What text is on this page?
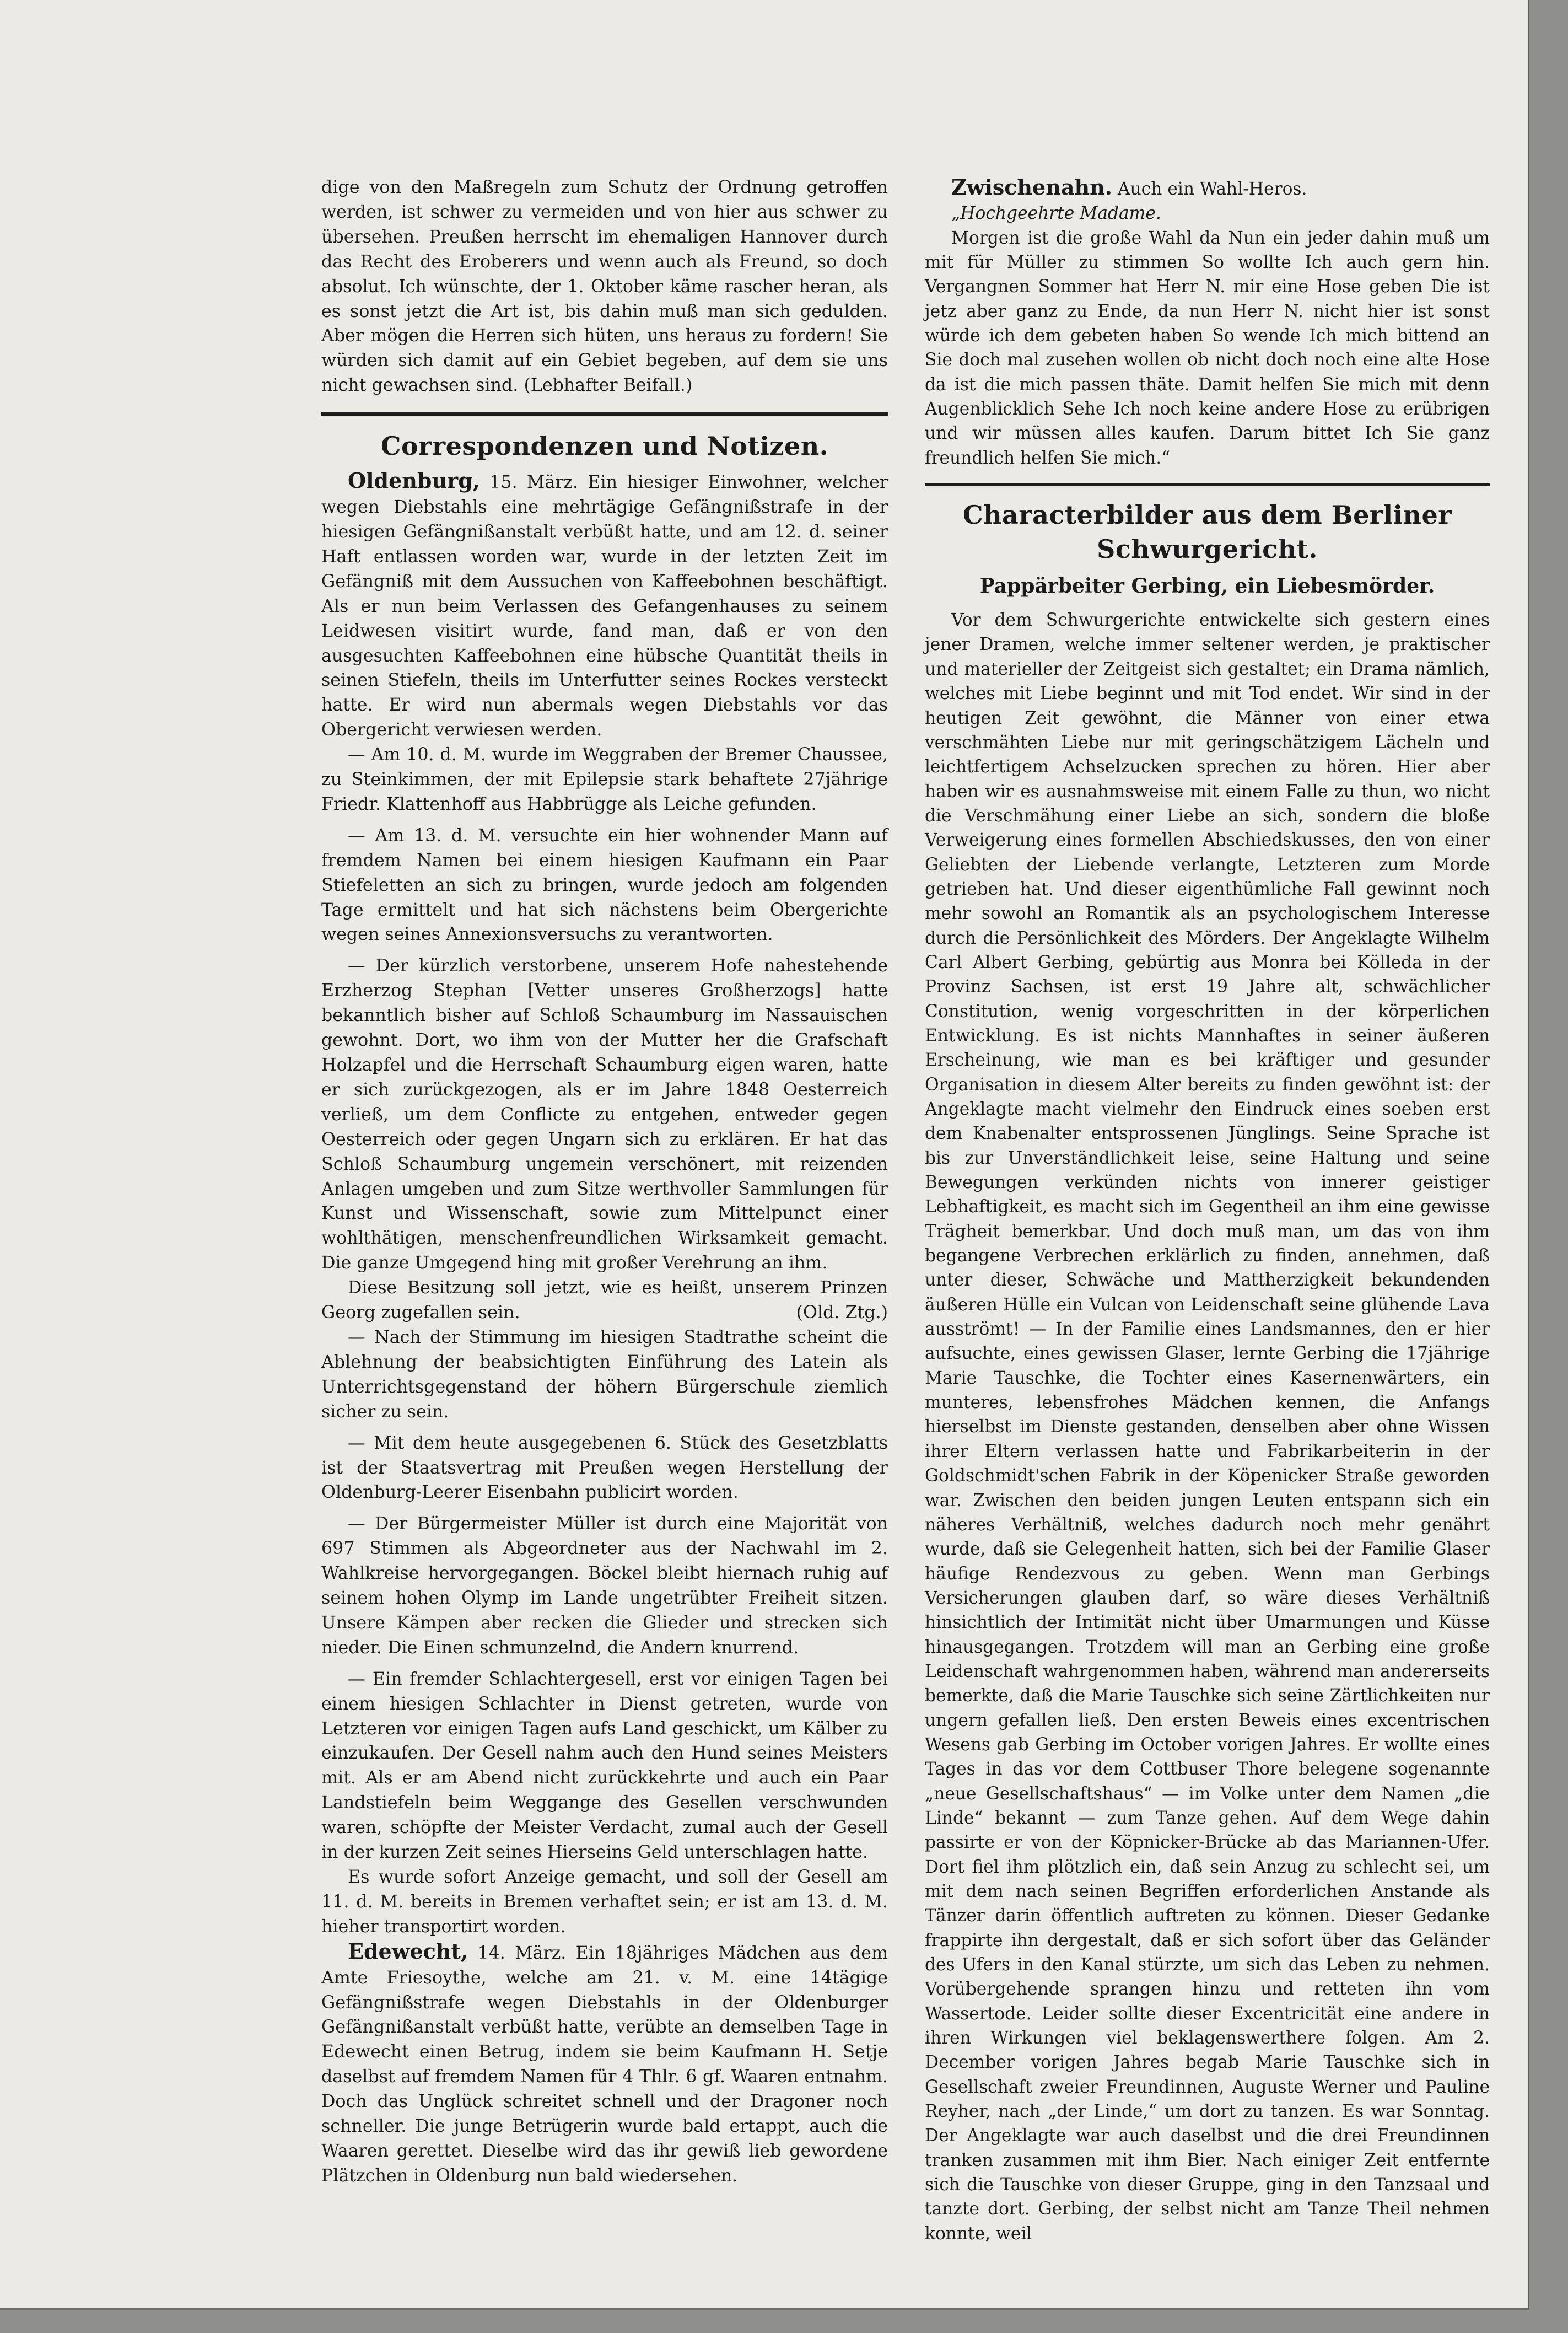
dige von den Maßregeln zum Schutz der Ordnung getroffen werden, ist schwer zu vermeiden und von hier aus schwer zu übersehen. Preußen herrscht im ehemaligen Hannover durch das Recht des Eroberers und wenn auch als Freund, so doch absolut. Ich wünschte, der 1. Oktober käme rascher heran, als es sonst jetzt die Art ist, bis dahin muß man sich gedulden. Aber mögen die Herren sich hüten, uns heraus zu fordern! Sie würden sich damit auf ein Gebiet begeben, auf dem sie uns nicht gewachsen sind. (Lebhafter Beifall.)

Correspondenzen und Notizen.

Oldenburg, 15. März. Ein hiesiger Einwohner, welcher wegen Diebstahls eine mehrtägige Gefängnißstrafe in der hiesigen Gefängnißanstalt verbüßt hatte, und am 12. d. seiner Haft entlassen worden war, wurde in der letzten Zeit im Gefängniß mit dem Aussuchen von Kaffeebohnen beschäftigt. Als er nun beim Verlassen des Gefangenhauses zu seinem Leidwesen visitirt wurde, fand man, daß er von den ausgesuchten Kaffeebohnen eine hübsche Quantität theils in seinen Stiefeln, theils im Unterfutter seines Rockes versteckt hatte. Er wird nun abermals wegen Diebstahls vor das Obergericht verwiesen werden.

— Am 10. d. M. wurde im Weggraben der Bremer Chaussee, zu Steinkimmen, der mit Epilepsie stark behaftete 27jährige Friedr. Klattenhoff aus Habbrügge als Leiche gefunden.

— Am 13. d. M. versuchte ein hier wohnender Mann auf fremdem Namen bei einem hiesigen Kaufmann ein Paar Stiefeletten an sich zu bringen, wurde jedoch am folgenden Tage ermittelt und hat sich nächstens beim Obergerichte wegen seines Annexionsversuchs zu verantworten.

— Der kürzlich verstorbene, unserem Hofe nahestehende Erzherzog Stephan [Vetter unseres Großherzogs] hatte bekanntlich bisher auf Schloß Schaumburg im Nassauischen gewohnt. Dort, wo ihm von der Mutter her die Grafschaft Holzapfel und die Herrschaft Schaumburg eigen waren, hatte er sich zurückgezogen, als er im Jahre 1848 Oesterreich verließ, um dem Conflicte zu entgehen, entweder gegen Oesterreich oder gegen Ungarn sich zu erklären. Er hat das Schloß Schaumburg ungemein verschönert, mit reizenden Anlagen umgeben und zum Sitze werthvoller Sammlungen für Kunst und Wissenschaft, sowie zum Mittelpunct einer wohlthätigen, menschenfreundlichen Wirksamkeit gemacht. Die ganze Umgegend hing mit großer Verehrung an ihm.

Diese Besitzung soll jetzt, wie es heißt, unserem Prinzen Georg zugefallen sein.	(Old. Ztg.)

— Nach der Stimmung im hiesigen Stadtrathe scheint die Ablehnung der beabsichtigten Einführung des Latein als Unterrichtsgegenstand der höhern Bürgerschule ziemlich sicher zu sein.

— Mit dem heute ausgegebenen 6. Stück des Gesetzblatts ist der Staatsvertrag mit Preußen wegen Herstellung der Oldenburg-Leerer Eisenbahn publicirt worden.

— Der Bürgermeister Müller ist durch eine Majorität von 697 Stimmen als Abgeordneter aus der Nachwahl im 2. Wahlkreise hervorgegangen. Böckel bleibt hiernach ruhig auf seinem hohen Olymp im Lande ungetrübter Freiheit sitzen. Unsere Kämpen aber recken die Glieder und strecken sich nieder. Die Einen schmunzelnd, die Andern knurrend.

— Ein fremder Schlachtergesell, erst vor einigen Tagen bei einem hiesigen Schlachter in Dienst getreten, wurde von Letzteren vor einigen Tagen aufs Land geschickt, um Kälber zu einzukaufen. Der Gesell nahm auch den Hund seines Meisters mit. Als er am Abend nicht zurückkehrte und auch ein Paar Landstiefeln beim Weggange des Gesellen verschwunden waren, schöpfte der Meister Verdacht, zumal auch der Gesell in der kurzen Zeit seines Hierseins Geld unterschlagen hatte.

Es wurde sofort Anzeige gemacht, und soll der Gesell am 11. d. M. bereits in Bremen verhaftet sein; er ist am 13. d. M. hieher transportirt worden.

Edewecht, 14. März. Ein 18jähriges Mädchen aus dem Amte Friesoythe, welche am 21. v. M. eine 14tägige Gefängnißstrafe wegen Diebstahls in der Oldenburger Gefängnißanstalt verbüßt hatte, verübte an demselben Tage in Edewecht einen Betrug, indem sie beim Kaufmann H. Setje daselbst auf fremdem Namen für 4 Thlr. 6 gf. Waaren entnahm. Doch das Unglück schreitet schnell und der Dragoner noch schneller. Die junge Betrügerin wurde bald ertappt, auch die Waaren gerettet. Dieselbe wird das ihr gewiß lieb gewordene Plätzchen in Oldenburg nun bald wiedersehen.

Zwischenahn. Auch ein Wahl-Heros.

„Hochgeehrte Madame.

Morgen ist die große Wahl da Nun ein jeder dahin muß um mit für Müller zu stimmen So wollte Ich auch gern hin. Vergangnen Sommer hat Herr N. mir eine Hose geben Die ist jetz aber ganz zu Ende, da nun Herr N. nicht hier ist sonst würde ich dem gebeten haben So wende Ich mich bittend an Sie doch mal zusehen wollen ob nicht doch noch eine alte Hose da ist die mich passen thäte. Damit helfen Sie mich mit denn Augenblicklich Sehe Ich noch keine andere Hose zu erübrigen und wir müssen alles kaufen. Darum bittet Ich Sie ganz freundlich helfen Sie mich.“

Characterbilder aus dem Berliner Schwurgericht.
Pappärbeiter Gerbing, ein Liebesmörder.

Vor dem Schwurgerichte entwickelte sich gestern eines jener Dramen, welche immer seltener werden, je praktischer und materieller der Zeitgeist sich gestaltet; ein Drama nämlich, welches mit Liebe beginnt und mit Tod endet. Wir sind in der heutigen Zeit gewöhnt, die Männer von einer etwa verschmähten Liebe nur mit geringschätzigem Lächeln und leichtfertigem Achselzucken sprechen zu hören. Hier aber haben wir es ausnahmsweise mit einem Falle zu thun, wo nicht die Verschmähung einer Liebe an sich, sondern die bloße Verweigerung eines formellen Abschiedskusses, den von einer Geliebten der Liebende verlangte, Letzteren zum Morde getrieben hat. Und dieser eigenthümliche Fall gewinnt noch mehr sowohl an Romantik als an psychologischem Interesse durch die Persönlichkeit des Mörders. Der Angeklagte Wilhelm Carl Albert Gerbing, gebürtig aus Monra bei Kölleda in der Provinz Sachsen, ist erst 19 Jahre alt, schwächlicher Constitution, wenig vorgeschritten in der körperlichen Entwicklung. Es ist nichts Mannhaftes in seiner äußeren Erscheinung, wie man es bei kräftiger und gesunder Organisation in diesem Alter bereits zu finden gewöhnt ist: der Angeklagte macht vielmehr den Eindruck eines soeben erst dem Knabenalter entsprossenen Jünglings. Seine Sprache ist bis zur Unverständlichkeit leise, seine Haltung und seine Bewegungen verkünden nichts von innerer geistiger Lebhaftigkeit, es macht sich im Gegentheil an ihm eine gewisse Trägheit bemerkbar. Und doch muß man, um das von ihm begangene Verbrechen erklärlich zu finden, annehmen, daß unter dieser, Schwäche und Mattherzigkeit bekundenden äußeren Hülle ein Vulcan von Leidenschaft seine glühende Lava ausströmt! — In der Familie eines Landsmannes, den er hier aufsuchte, eines gewissen Glaser, lernte Gerbing die 17jährige Marie Tauschke, die Tochter eines Kasernenwärters, ein munteres, lebensfrohes Mädchen kennen, die Anfangs hierselbst im Dienste gestanden, denselben aber ohne Wissen ihrer Eltern verlassen hatte und Fabrikarbeiterin in der Goldschmidt'schen Fabrik in der Köpenicker Straße geworden war. Zwischen den beiden jungen Leuten entspann sich ein näheres Verhältniß, welches dadurch noch mehr genährt wurde, daß sie Gelegenheit hatten, sich bei der Familie Glaser häufige Rendezvous zu geben. Wenn man Gerbings Versicherungen glauben darf, so wäre dieses Verhältniß hinsichtlich der Intimität nicht über Umarmungen und Küsse hinausgegangen. Trotzdem will man an Gerbing eine große Leidenschaft wahrgenommen haben, während man andererseits bemerkte, daß die Marie Tauschke sich seine Zärtlichkeiten nur ungern gefallen ließ. Den ersten Beweis eines excentrischen Wesens gab Gerbing im October vorigen Jahres. Er wollte eines Tages in das vor dem Cottbuser Thore belegene sogenannte „neue Gesellschaftshaus“ — im Volke unter dem Namen „die Linde“ bekannt — zum Tanze gehen. Auf dem Wege dahin passirte er von der Köpnicker-Brücke ab das Mariannen-Ufer. Dort fiel ihm plötzlich ein, daß sein Anzug zu schlecht sei, um mit dem nach seinen Begriffen erforderlichen Anstande als Tänzer darin öffentlich auftreten zu können. Dieser Gedanke frappirte ihn dergestalt, daß er sich sofort über das Geländer des Ufers in den Kanal stürzte, um sich das Leben zu nehmen. Vorübergehende sprangen hinzu und retteten ihn vom Wassertode. Leider sollte dieser Excentricität eine andere in ihren Wirkungen viel beklagenswerthere folgen. Am 2. December vorigen Jahres begab Marie Tauschke sich in Gesellschaft zweier Freundinnen, Auguste Werner und Pauline Reyher, nach „der Linde,“ um dort zu tanzen. Es war Sonntag. Der Angeklagte war auch daselbst und die drei Freundinnen tranken zusammen mit ihm Bier. Nach einiger Zeit entfernte sich die Tauschke von dieser Gruppe, ging in den Tanzsaal und tanzte dort. Gerbing, der selbst nicht am Tanze Theil nehmen konnte, weil
